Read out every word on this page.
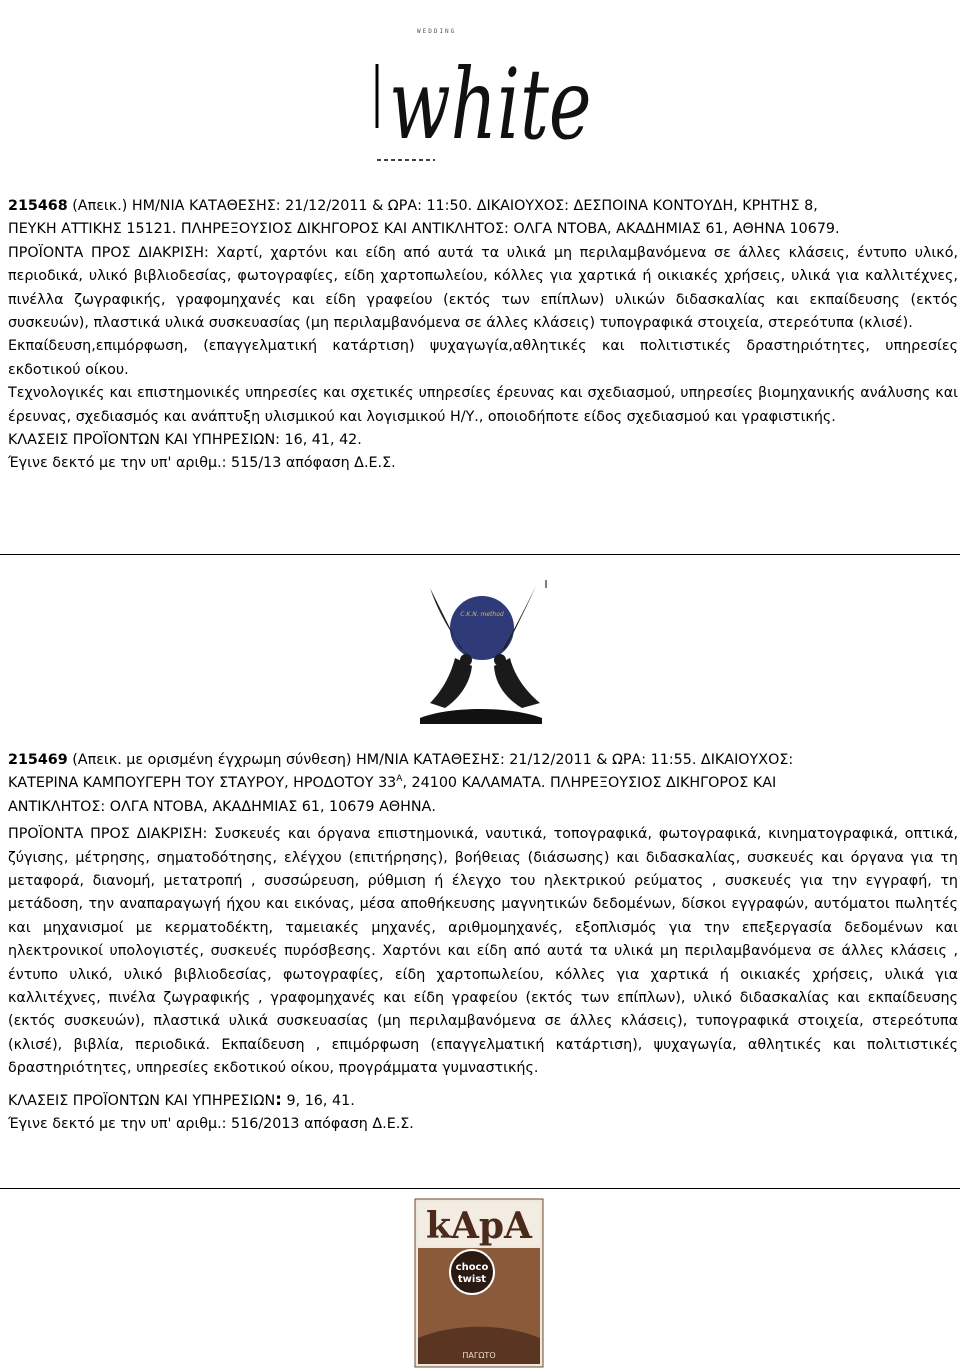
WEDDING
white

215468 (Απεικ.) ΗΜ/ΝΙΑ ΚΑΤΑΘΕΣΗΣ: 21/12/2011 & ΩΡΑ: 11:50. ΔΙΚΑΙΟΥΧΟΣ: ΔΕΣΠΟΙΝΑ ΚΟΝΤΟΥΔΗ, ΚΡΗΤΗΣ 8,

ΠΕΥΚΗ ΑΤΤΙΚΗΣ 15121. ΠΛΗΡΕΞΟΥΣΙΟΣ ΔΙΚΗΓΟΡΟΣ ΚΑΙ ΑΝΤΙΚΛΗΤΟΣ: ΟΛΓΑ ΝΤΟΒΑ, ΑΚΑΔΗΜΙΑΣ 61, ΑΘΗΝΑ 10679.

ΠΡΟΪΟΝΤΑ ΠΡΟΣ ΔΙΑΚΡΙΣΗ: Χαρτί, χαρτόνι και είδη από αυτά τα υλικά μη περιλαμβανόμενα σε άλλες κλάσεις, έντυπο υλικό, περιοδικά, υλικό βιβλιοδεσίας, φωτογραφίες, είδη χαρτοπωλείου, κόλλες για χαρτικά ή οικιακές χρήσεις, υλικά για καλλιτέχνες, πινέλλα ζωγραφικής, γραφομηχανές και είδη γραφείου (εκτός των επίπλων) υλικών διδασκαλίας και εκπαίδευσης (εκτός συσκευών), πλαστικά υλικά συσκευασίας (μη περιλαμβανόμενα σε άλλες κλάσεις) τυπογραφικά στοιχεία, στερεότυπα (κλισέ).

Εκπαίδευση,επιμόρφωση, (επαγγελματική κατάρτιση) ψυχαγωγία,αθλητικές και πολιτιστικές δραστηριότητες, υπηρεσίες εκδοτικού οίκου.

Τεχνολογικές και επιστημονικές υπηρεσίες και σχετικές υπηρεσίες έρευνας και σχεδιασμού, υπηρεσίες βιομηχανικής ανάλυσης και έρευνας, σχεδιασμός και ανάπτυξη υλισμικού και λογισμικού Η/Υ., οποιοδήποτε είδος σχεδιασμού και γραφιστικής.

ΚΛΑΣΕΙΣ ΠΡΟΪΟΝΤΩΝ ΚΑΙ ΥΠΗΡΕΣΙΩΝ: 16, 41, 42.

Έγινε δεκτό με την υπ' αριθμ.: 515/13 απόφαση Δ.Ε.Σ.

C.K.N. method

215469 (Απεικ. με ορισμένη έγχρωμη σύνθεση) ΗΜ/ΝΙΑ ΚΑΤΑΘΕΣΗΣ: 21/12/2011 & ΩΡΑ: 11:55. ΔΙΚΑΙΟΥΧΟΣ:

ΚΑΤΕΡΙΝΑ ΚΑΜΠΟΥΓΕΡΗ ΤΟΥ ΣΤΑΥΡΟΥ, ΗΡΟΔΟΤΟΥ $33^A$, 24100 ΚΑΛΑΜΑΤΑ. ΠΛΗΡΕΞΟΥΣΙΟΣ ΔΙΚΗΓΟΡΟΣ ΚΑΙ

ΑΝΤΙΚΛΗΤΟΣ: ΟΛΓΑ ΝΤΟΒΑ, ΑΚΑΔΗΜΙΑΣ 61, 10679 ΑΘΗΝΑ.

ΠΡΟΪΟΝΤΑ ΠΡΟΣ ΔΙΑΚΡΙΣΗ: Συσκευές και όργανα επιστημονικά, ναυτικά, τοπογραφικά, φωτογραφικά, κινηματογραφικά, οπτικά, ζύγισης, μέτρησης, σηματοδότησης, ελέγχου (επιτήρησης), βοήθειας (διάσωσης) και διδασκαλίας, συσκευές και όργανα για τη μεταφορά, διανομή, μετατροπή , συσσώρευση, ρύθμιση ή έλεγχο του ηλεκτρικού ρεύματος , συσκευές για την εγγραφή, τη μετάδοση, την αναπαραγωγή ήχου και εικόνας, μέσα αποθήκευσης μαγνητικών δεδομένων, δίσκοι εγγραφών, αυτόματοι πωλητές και μηχανισμοί με κερματοδέκτη, ταμειακές μηχανές, αριθμομηχανές, εξοπλισμός για την επεξεργασία δεδομένων και ηλεκτρονικοί υπολογιστές, συσκευές πυρόσβεσης. Χαρτόνι και είδη από αυτά τα υλικά μη περιλαμβανόμενα σε άλλες κλάσεις , έντυπο υλικό, υλικό βιβλιοδεσίας, φωτογραφίες, είδη χαρτοπωλείου, κόλλες για χαρτικά ή οικιακές χρήσεις, υλικά για καλλιτέχνες, πινέλα ζωγραφικής , γραφομηχανές και είδη γραφείου (εκτός των επίπλων), υλικό διδασκαλίας και εκπαίδευσης (εκτός συσκευών), πλαστικά υλικά συσκευασίας (μη περιλαμβανόμενα σε άλλες κλάσεις), τυπογραφικά στοιχεία, στερεότυπα (κλισέ), βιβλία, περιοδικά. Εκπαίδευση , επιμόρφωση (επαγγελματική κατάρτιση), ψυχαγωγία, αθλητικές και πολιτιστικές δραστηριότητες, υπηρεσίες εκδοτικού οίκου, προγράμματα γυμναστικής.

ΚΛΑΣΕΙΣ ΠΡΟΪΟΝΤΩΝ ΚΑΙ ΥΠΗΡΕΣΙΩΝ: 9, 16, 41.

Έγινε δεκτό με την υπ' αριθμ.: 516/2013 απόφαση Δ.Ε.Σ.

kApA
choco
twist
ΠΑΓΩΤΟ
